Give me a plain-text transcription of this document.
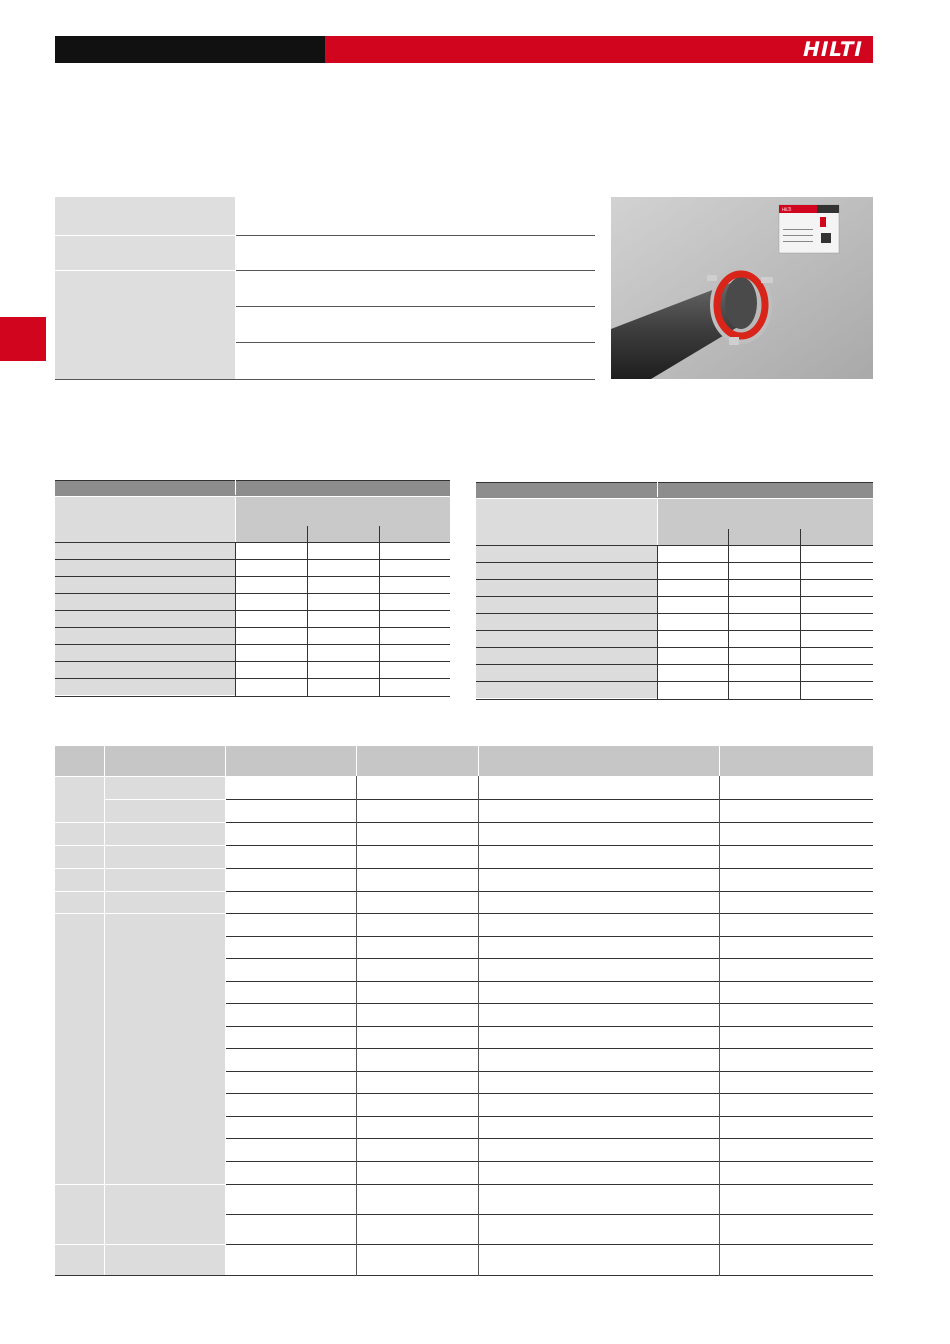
HILTI
HILTI
